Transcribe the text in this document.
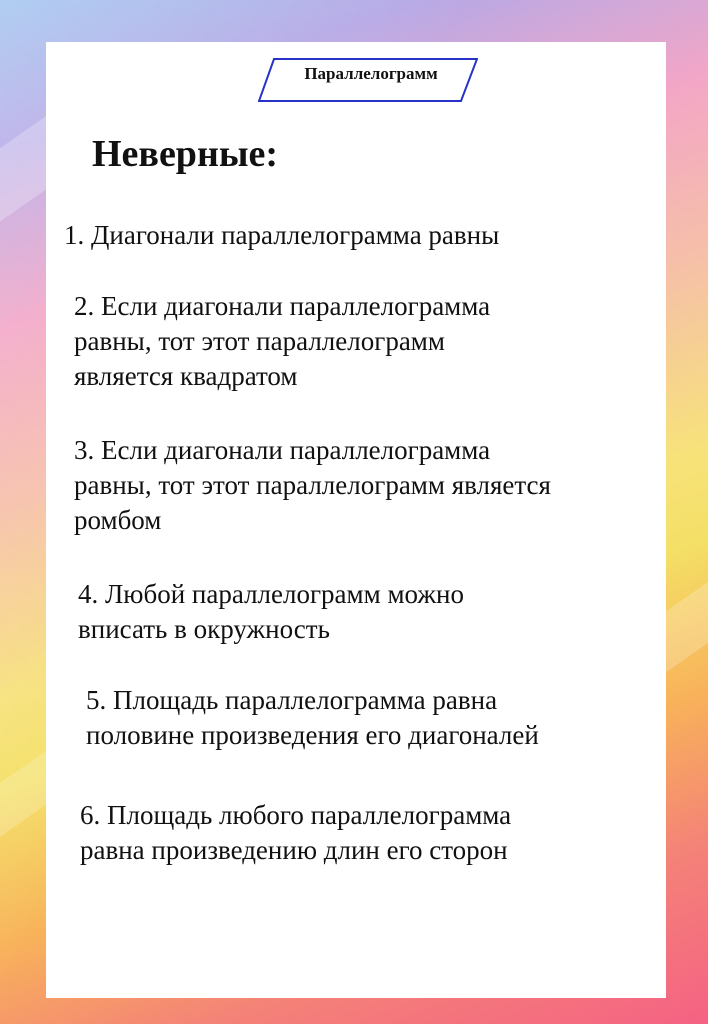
Параллелограмм
Неверные:

1. Диагонали параллелограмма равны

2. Если диагонали параллелограмма
равны, тот этот параллелограмм
является квадратом

3. Если диагонали параллелограмма
равны, тот этот параллелограмм является
ромбом

4. Любой параллелограмм можно
вписать в окружность

5. Площадь параллелограмма равна
половине произведения его диагоналей

6. Площадь любого параллелограмма
равна произведению длин его сторон
